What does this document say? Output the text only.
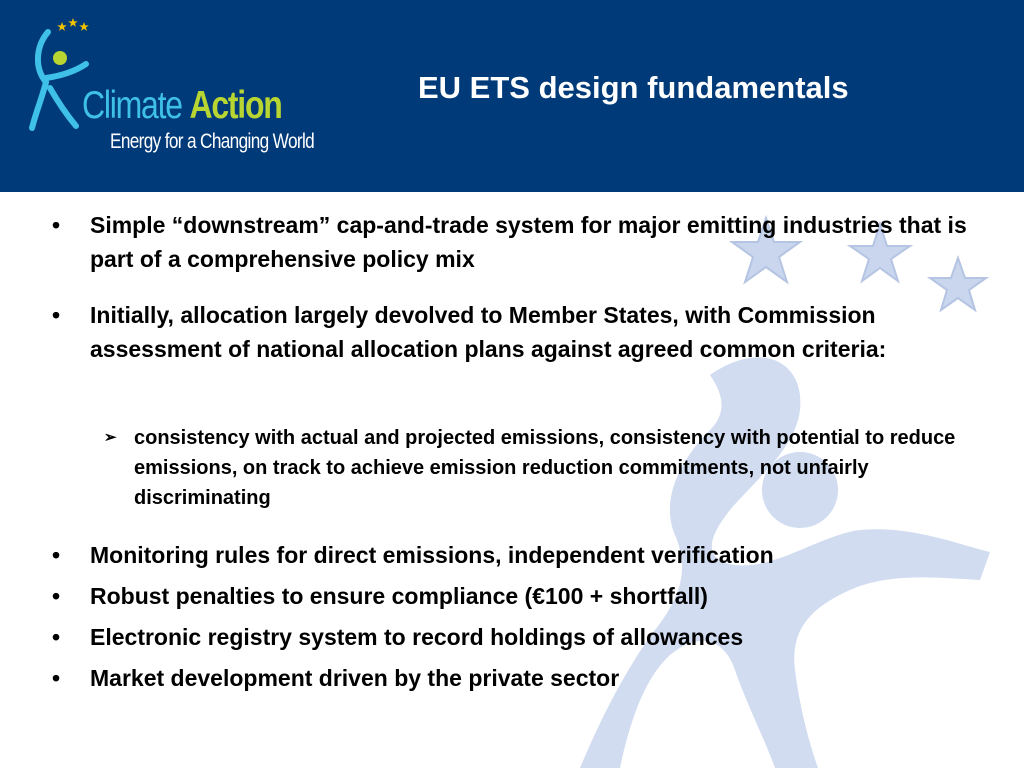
Climate Action
Energy for a Changing World
EU ETS design fundamentals
• Simple “downstream” cap-and-trade system for major emitting industries that is part of a comprehensive policy mix
• Initially, allocation largely devolved to Member States, with Commission assessment of national allocation plans against agreed common criteria:
➢ consistency with actual and projected emissions, consistency with potential to reduce emissions, on track to achieve emission reduction commitments, not unfairly discriminating
• Monitoring rules for direct emissions, independent verification
• Robust penalties to ensure compliance (€100 + shortfall)
• Electronic registry system to record holdings of allowances
• Market development driven by the private sector
